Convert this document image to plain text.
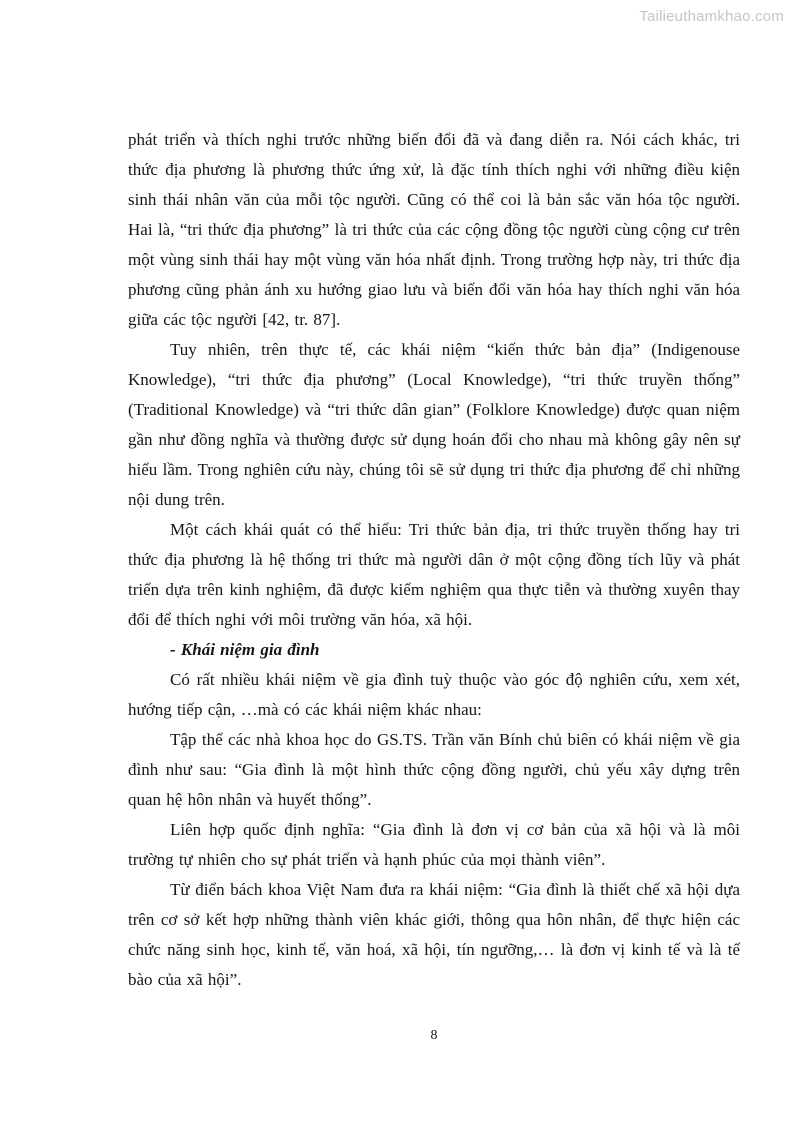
Tailieuthamkhao.com

phát triển và thích nghi trước những biến đổi đã và đang diễn ra. Nói cách khác, tri thức địa phương là phương thức ứng xử, là đặc tính thích nghi với những điều kiện sinh thái nhân văn của mỗi tộc người. Cũng có thể coi là bản sắc văn hóa tộc người. Hai là, “tri thức địa phương” là tri thức của các cộng đồng tộc người cùng cộng cư trên một vùng sinh thái hay một vùng văn hóa nhất định. Trong trường hợp này, tri thức địa phương cũng phản ánh xu hướng giao lưu và biến đổi văn hóa hay thích nghi văn hóa giữa các tộc người [42, tr. 87].

Tuy nhiên, trên thực tế, các khái niệm “kiến thức bản địa” (Indigenouse Knowledge), “tri thức địa phương” (Local Knowledge), “tri thức truyền thống” (Traditional Knowledge) và “tri thức dân gian” (Folklore Knowledge) được quan niệm gần như đồng nghĩa và thường được sử dụng hoán đổi cho nhau mà không gây nên sự hiểu lầm. Trong nghiên cứu này, chúng tôi sẽ sử dụng tri thức địa phương để chỉ những nội dung trên.

Một cách khái quát có thể hiểu: Tri thức bản địa, tri thức truyền thống hay tri thức địa phương là hệ thống tri thức mà người dân ở một cộng đồng tích lũy và phát triển dựa trên kinh nghiệm, đã được kiểm nghiệm qua thực tiễn và thường xuyên thay đổi để thích nghi với môi trường văn hóa, xã hội.

- Khái niệm gia đình

Có rất nhiều khái niệm về gia đình tuỳ thuộc vào góc độ nghiên cứu, xem xét, hướng tiếp cận, …mà có các khái niệm khác nhau:

Tập thể các nhà khoa học do GS.TS. Trần văn Bính chủ biên có khái niệm về gia đình như sau: “Gia đình là một hình thức cộng đồng người, chủ yếu xây dựng trên quan hệ hôn nhân và huyết thống”.

Liên hợp quốc định nghĩa: “Gia đình là đơn vị cơ bản của xã hội và là môi trường tự nhiên cho sự phát triển và hạnh phúc của mọi thành viên”.

Từ điển bách khoa Việt Nam đưa ra khái niệm: “Gia đình là thiết chế xã hội dựa trên cơ sở kết hợp những thành viên khác giới, thông qua hôn nhân, để thực hiện các chức năng sinh học, kinh tế, văn hoá, xã hội, tín ngưỡng,… là đơn vị kinh tế và là tế bào của xã hội”.

8
